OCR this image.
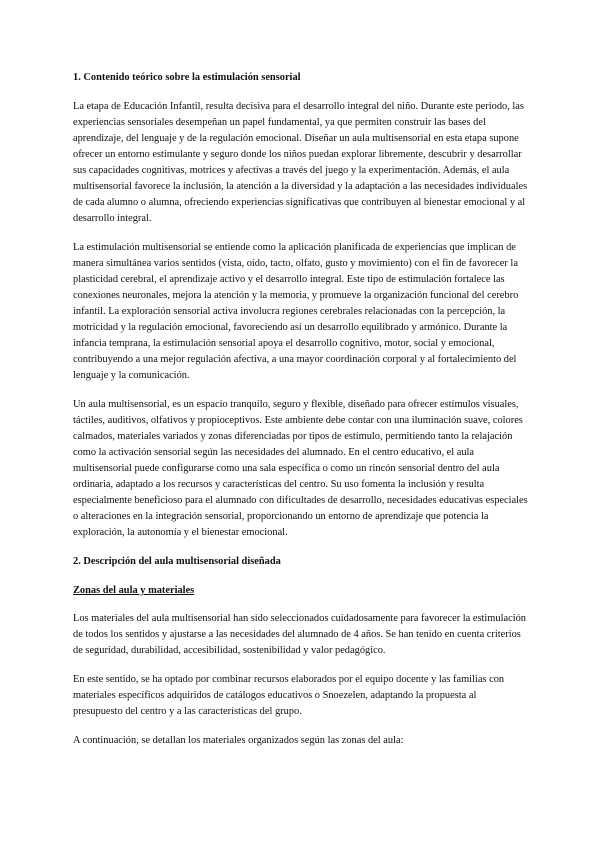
1. Contenido teórico sobre la estimulación sensorial

La etapa de Educación Infantil, resulta decisiva para el desarrollo integral del niño. Durante este periodo, las experiencias sensoriales desempeñan un papel fundamental, ya que permiten construir las bases del aprendizaje, del lenguaje y de la regulación emocional. Diseñar un aula multisensorial en esta etapa supone ofrecer un entorno estimulante y seguro donde los niños puedan explorar libremente, descubrir y desarrollar sus capacidades cognitivas, motrices y afectivas a través del juego y la experimentación. Además, el aula multisensorial favorece la inclusión, la atención a la diversidad y la adaptación a las necesidades individuales de cada alumno o alumna, ofreciendo experiencias significativas que contribuyen al bienestar emocional y al desarrollo integral.

La estimulación multisensorial se entiende como la aplicación planificada de experiencias que implican de manera simultánea varios sentidos (vista, oído, tacto, olfato, gusto y movimiento) con el fin de favorecer la plasticidad cerebral, el aprendizaje activo y el desarrollo integral. Este tipo de estimulación fortalece las conexiones neuronales, mejora la atención y la memoria, y promueve la organización funcional del cerebro infantil. La exploración sensorial activa involucra regiones cerebrales relacionadas con la percepción, la motricidad y la regulación emocional, favoreciendo así un desarrollo equilibrado y armónico. Durante la infancia temprana, la estimulación sensorial apoya el desarrollo cognitivo, motor, social y emocional, contribuyendo a una mejor regulación afectiva, a una mayor coordinación corporal y al fortalecimiento del lenguaje y la comunicación.

Un aula multisensorial, es un espacio tranquilo, seguro y flexible, diseñado para ofrecer estímulos visuales, táctiles, auditivos, olfativos y propioceptivos. Este ambiente debe contar con una iluminación suave, colores calmados, materiales variados y zonas diferenciadas por tipos de estímulo, permitiendo tanto la relajación como la activación sensorial según las necesidades del alumnado. En el centro educativo, el aula multisensorial puede configurarse como una sala específica o como un rincón sensorial dentro del aula ordinaria, adaptado a los recursos y características del centro. Su uso fomenta la inclusión y resulta especialmente beneficioso para el alumnado con dificultades de desarrollo, necesidades educativas especiales o alteraciones en la integración sensorial, proporcionando un entorno de aprendizaje que potencia la exploración, la autonomía y el bienestar emocional.

2. Descripción del aula multisensorial diseñada
Zonas del aula y materiales

Los materiales del aula multisensorial han sido seleccionados cuidadosamente para favorecer la estimulación de todos los sentidos y ajustarse a las necesidades del alumnado de 4 años. Se han tenido en cuenta criterios de seguridad, durabilidad, accesibilidad, sostenibilidad y valor pedagógico.

En este sentido, se ha optado por combinar recursos elaborados por el equipo docente y las familias con materiales específicos adquiridos de catálogos educativos o Snoezelen, adaptando la propuesta al presupuesto del centro y a las características del grupo.

A continuación, se detallan los materiales organizados según las zonas del aula:
